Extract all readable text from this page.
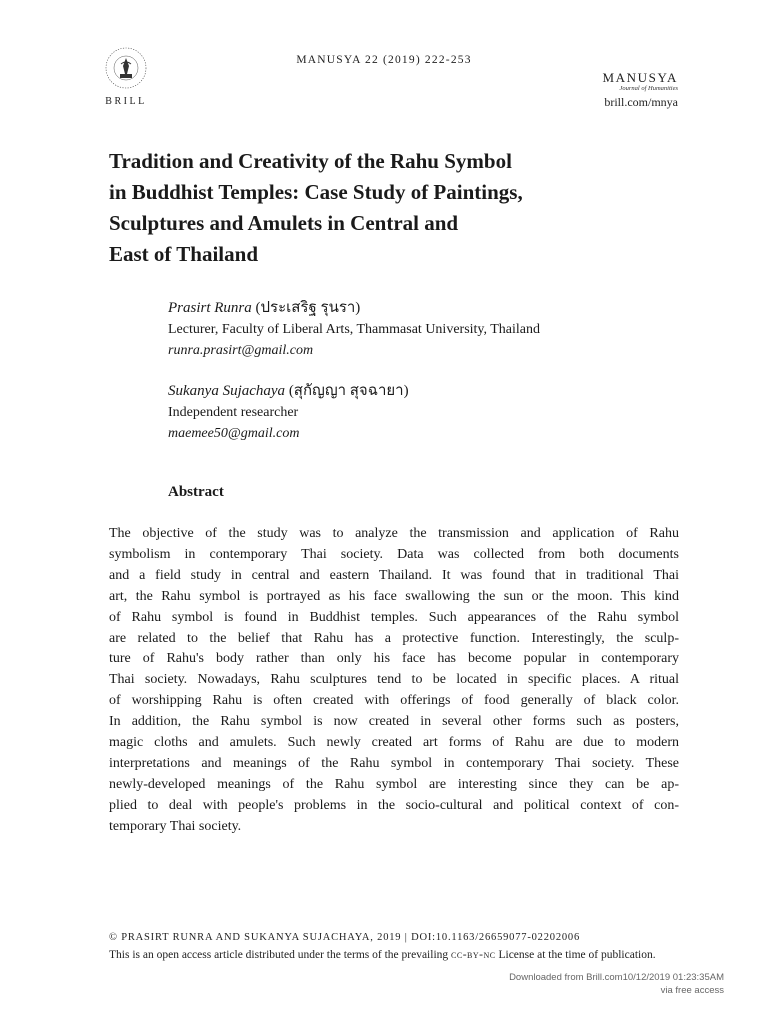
BRILL
MANUSYA 22 (2019) 222-253
MANUSYA
Journal of Humanities
brill.com/mnya
Tradition and Creativity of the Rahu Symbol
in Buddhist Temples: Case Study of Paintings,
Sculptures and Amulets in Central and
East of Thailand
Prasirt Runra (ประเสริฐ รุนรา)
Lecturer, Faculty of Liberal Arts, Thammasat University, Thailand
runra.prasirt@gmail.com
Sukanya Sujachaya (สุกัญญา สุจฉายา)
Independent researcher
maemee50@gmail.com
Abstract
The objective of the study was to analyze the transmission and application of Rahu
symbolism in contemporary Thai society. Data was collected from both documents
and a field study in central and eastern Thailand. It was found that in traditional Thai
art, the Rahu symbol is portrayed as his face swallowing the sun or the moon. This kind
of Rahu symbol is found in Buddhist temples. Such appearances of the Rahu symbol
are related to the belief that Rahu has a protective function. Interestingly, the sculp-
ture of Rahu's body rather than only his face has become popular in contemporary
Thai society. Nowadays, Rahu sculptures tend to be located in specific places. A ritual
of worshipping Rahu is often created with offerings of food generally of black color.
In addition, the Rahu symbol is now created in several other forms such as posters,
magic cloths and amulets. Such newly created art forms of Rahu are due to modern
interpretations and meanings of the Rahu symbol in contemporary Thai society. These
newly-developed meanings of the Rahu symbol are interesting since they can be ap-
plied to deal with people's problems in the socio-cultural and political context of con-
temporary Thai society.
© PRASIRT RUNRA AND SUKANYA SUJACHAYA, 2019 | DOI:10.1163/26659077-02202006
This is an open access article distributed under the terms of the prevailing cc-by-nc License at the time of publication.
Downloaded from Brill.com10/12/2019 01:23:35AM
via free access
